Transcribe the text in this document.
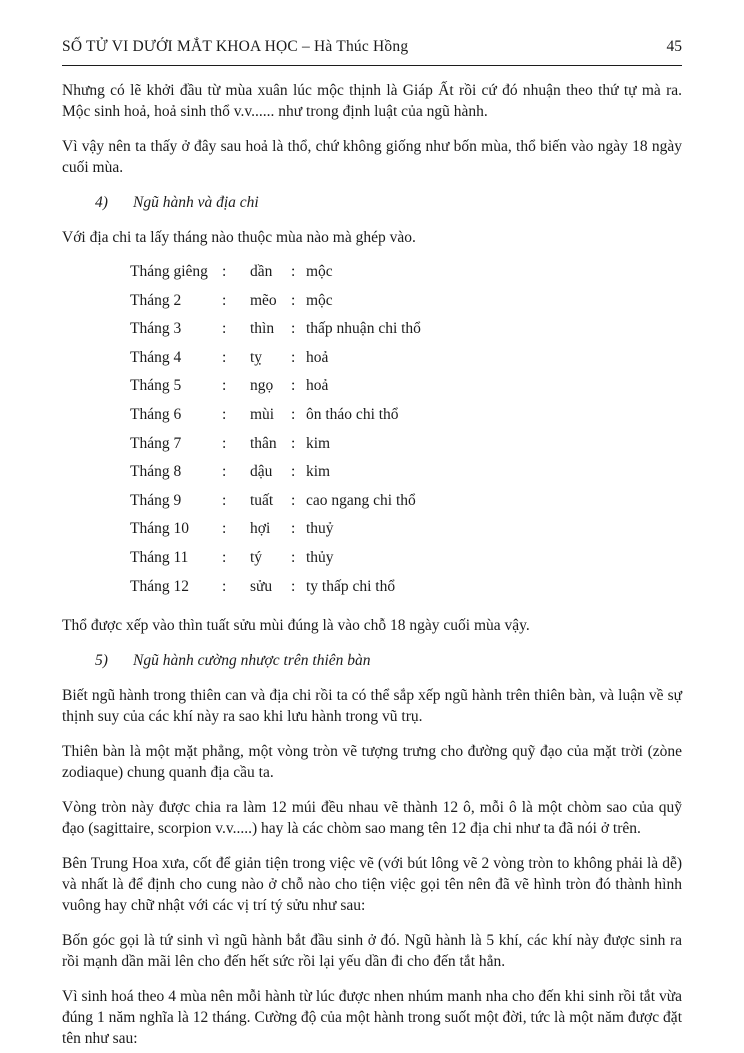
SỐ TỬ VI DƯỚI MẮT KHOA HỌC – Hà Thúc Hồng	45

Nhưng có lẽ khởi đầu từ mùa xuân lúc mộc thịnh là Giáp Ất rồi cứ đó nhuận theo thứ tự mà ra. Mộc sinh hoả, hoả sinh thổ v.v...... như trong định luật của ngũ hành.

Vì vậy nên ta thấy ở đây sau hoả là thổ, chứ không giống như bốn mùa, thổ biến vào ngày 18 ngày cuối mùa.

4) Ngũ hành và địa chi

Với địa chi ta lấy tháng nào thuộc mùa nào mà ghép vào.

Tháng giêng :	dần	: mộc
Tháng 2	:	mẽo : mộc
Tháng 3	:	thìn	: thấp nhuận chi thổ
Tháng 4	:	tỵ	: hoả
Tháng 5	:	ngọ	: hoả
Tháng 6	:	mùi	: ôn tháo chi thổ
Tháng 7	:	thân : kim
Tháng 8	:	dậu	: kim
Tháng 9	:	tuất	: cao ngang chi thổ
Tháng 10	:	hợi	: thuỷ
Tháng 11	:	tý	: thủy
Tháng 12	:	sửu	: ty thấp chi thổ

Thổ được xếp vào thìn tuất sửu mùi đúng là vào chỗ 18 ngày cuối mùa vậy.

5) Ngũ hành cường nhược trên thiên bàn

Biết ngũ hành trong thiên can và địa chi rồi ta có thể sắp xếp ngũ hành trên thiên bàn, và luận về sự thịnh suy của các khí này ra sao khi lưu hành trong vũ trụ.

Thiên bàn là một mặt phẳng, một vòng tròn vẽ tượng trưng cho đường quỹ đạo của mặt trời (zòne zodiaque) chung quanh địa cầu ta.

Vòng tròn này được chia ra làm 12 múi đều nhau vẽ thành 12 ô, mỗi ô là một chòm sao của quỹ đạo (sagittaire, scorpion v.v.....) hay là các chòm sao mang tên 12 địa chi như ta đã nói ở trên.

Bên Trung Hoa xưa, cốt để giản tiện trong việc vẽ (với bút lông vẽ 2 vòng tròn to không phải là dễ) và nhất là để định cho cung nào ở chỗ nào cho tiện việc gọi tên nên đã vẽ hình tròn đó thành hình vuông hay chữ nhật với các vị trí tý sửu như sau:

Bốn góc gọi là tứ sinh vì ngũ hành bắt đầu sinh ở đó. Ngũ hành là 5 khí, các khí này được sinh ra rồi mạnh dần mãi lên cho đến hết sức rồi lại yếu dần đi cho đến tắt hẳn.

Vì sinh hoá theo 4 mùa nên mỗi hành từ lúc được nhen nhúm manh nha cho đến khi sinh rồi tắt vừa đúng 1 năm nghĩa là 12 tháng. Cường độ của một hành trong suốt một đời, tức là một năm được đặt tên như sau:
